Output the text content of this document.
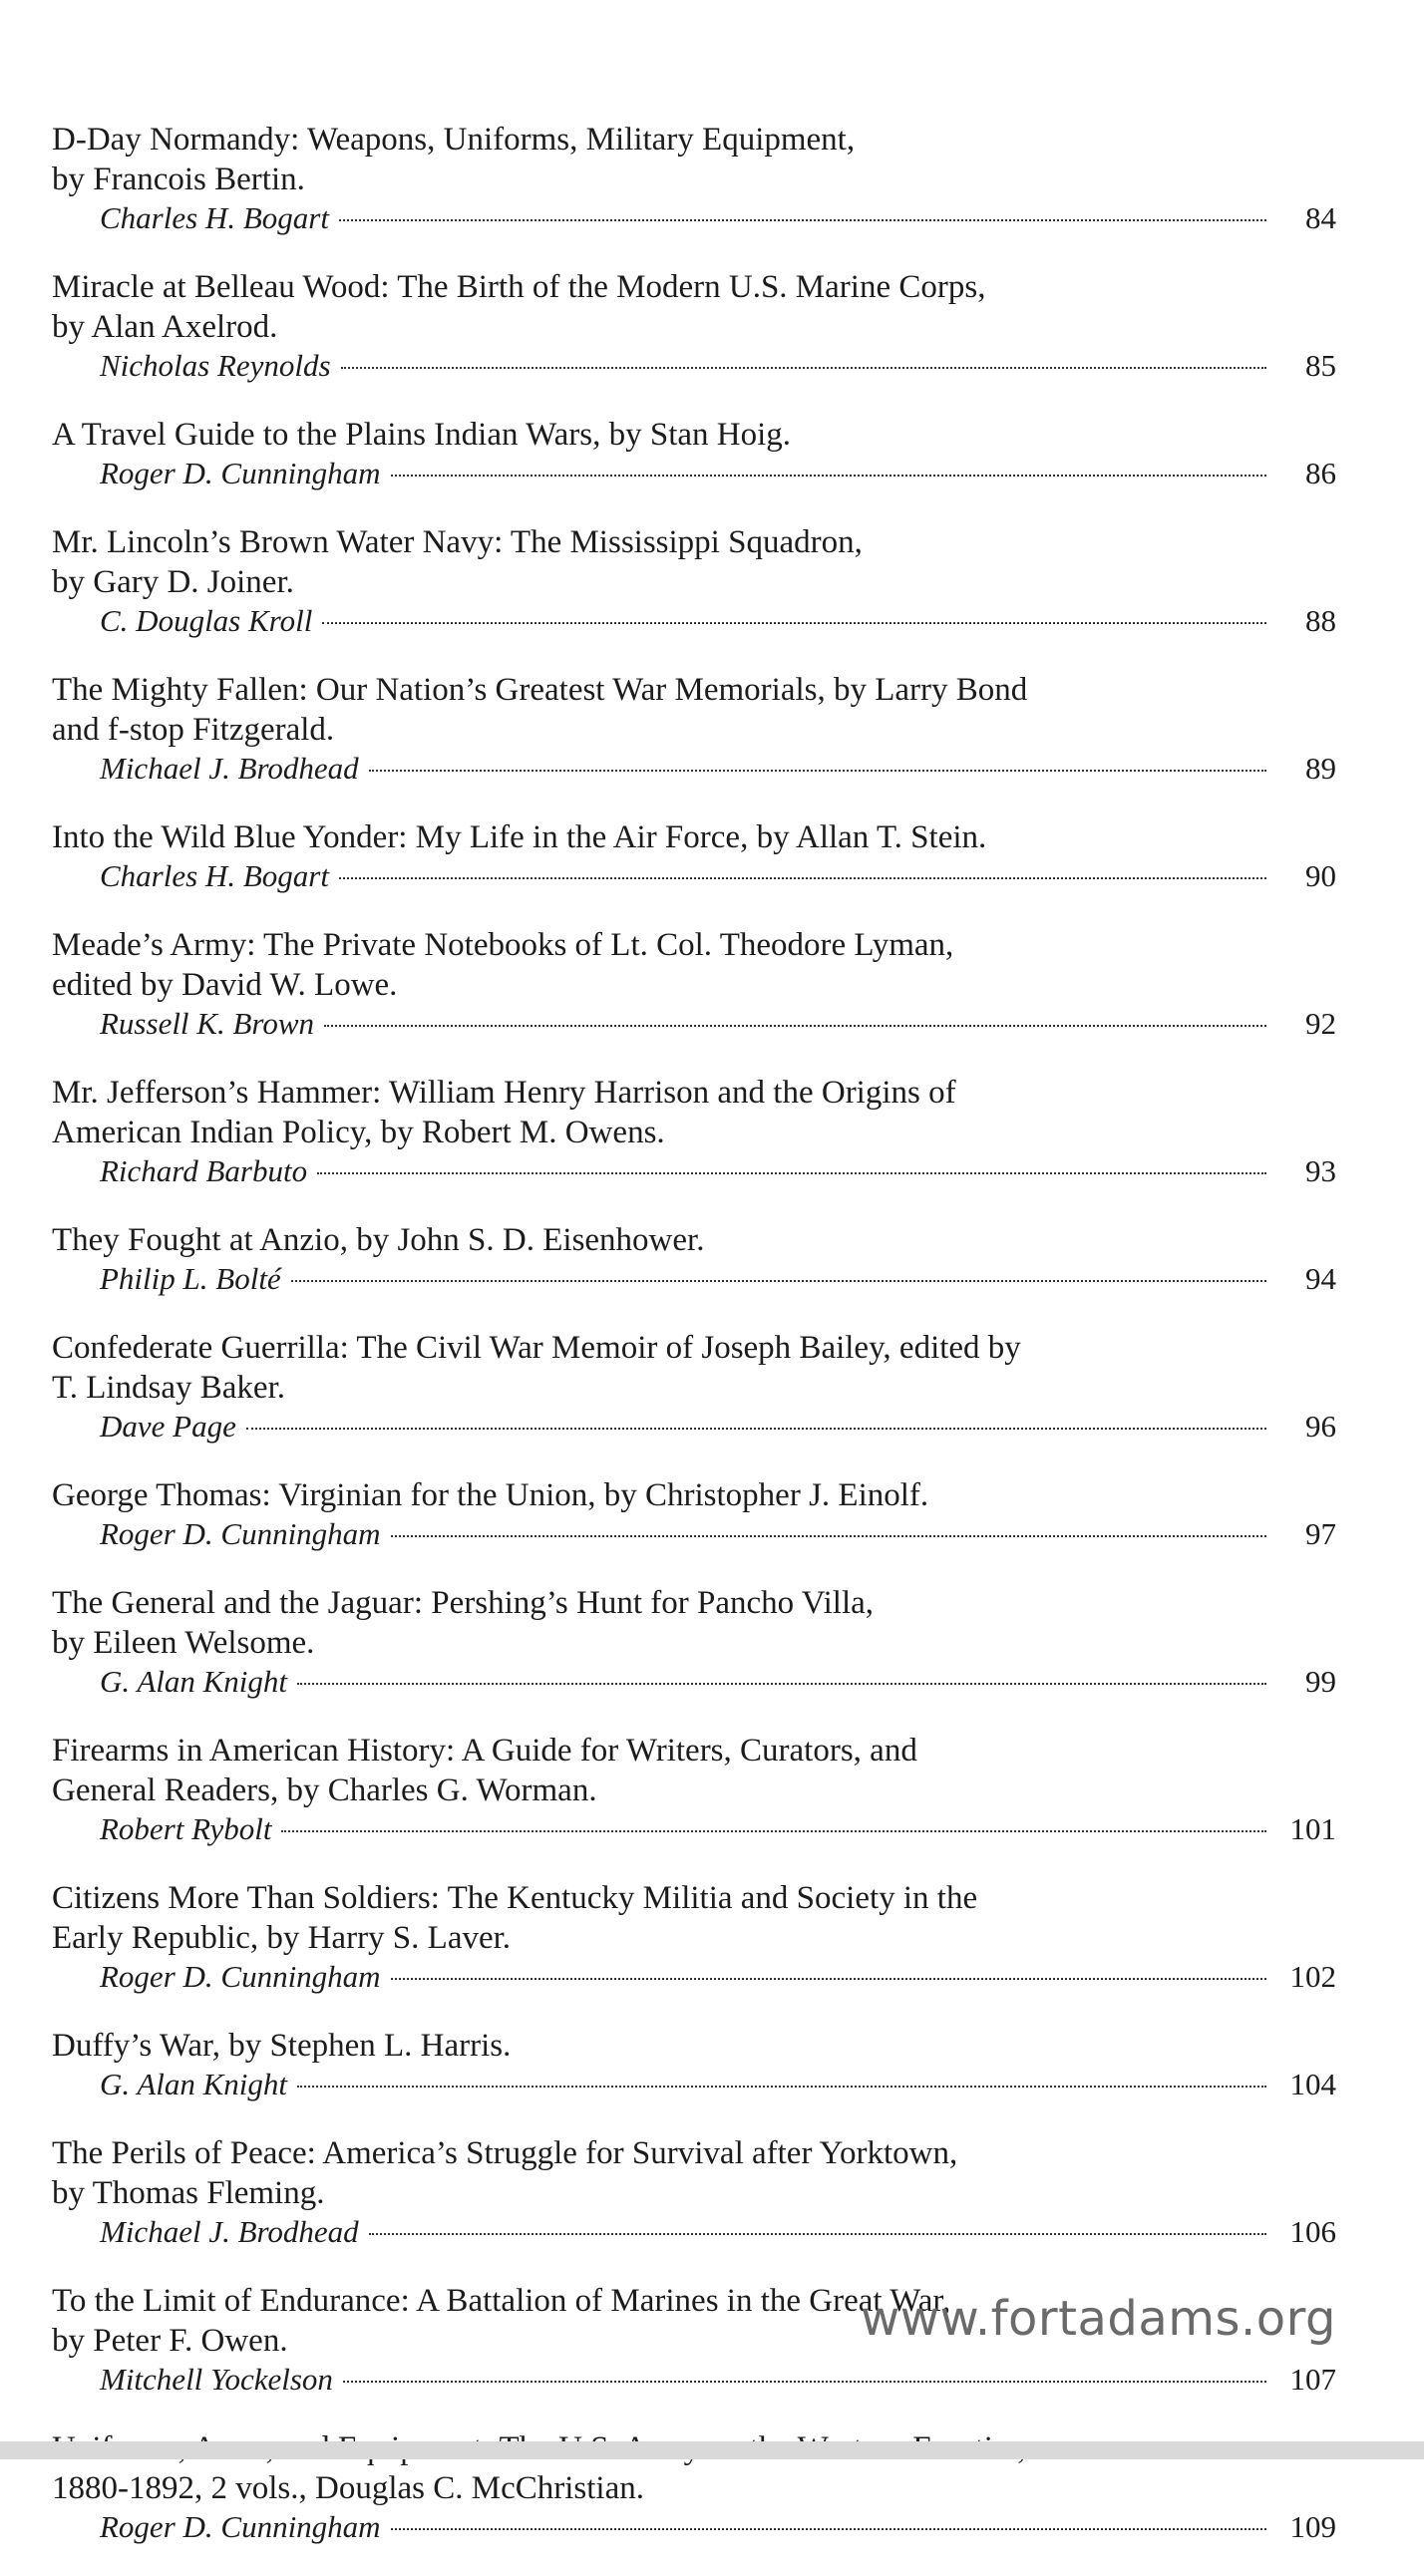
D-Day Normandy: Weapons, Uniforms, Military Equipment,
by Francois Bertin.
Charles H. Bogart	84
Miracle at Belleau Wood: The Birth of the Modern U.S. Marine Corps,
by Alan Axelrod.
Nicholas Reynolds	85
A Travel Guide to the Plains Indian Wars, by Stan Hoig.
Roger D. Cunningham	86
Mr. Lincoln’s Brown Water Navy: The Mississippi Squadron,
by Gary D. Joiner.
C. Douglas Kroll	88
The Mighty Fallen: Our Nation’s Greatest War Memorials, by Larry Bond
and f-stop Fitzgerald.
Michael J. Brodhead	89
Into the Wild Blue Yonder: My Life in the Air Force, by Allan T. Stein.
Charles H. Bogart	90
Meade’s Army: The Private Notebooks of Lt. Col. Theodore Lyman,
edited by David W. Lowe.
Russell K. Brown	92
Mr. Jefferson’s Hammer: William Henry Harrison and the Origins of
American Indian Policy, by Robert M. Owens.
Richard Barbuto	93
They Fought at Anzio, by John S. D. Eisenhower.
Philip L. Bolté	94
Confederate Guerrilla: The Civil War Memoir of Joseph Bailey, edited by
T. Lindsay Baker.
Dave Page	96
George Thomas: Virginian for the Union, by Christopher J. Einolf.
Roger D. Cunningham	97
The General and the Jaguar: Pershing’s Hunt for Pancho Villa,
by Eileen Welsome.
G. Alan Knight	99
Firearms in American History: A Guide for Writers, Curators, and
General Readers, by Charles G. Worman.
Robert Rybolt	101
Citizens More Than Soldiers: The Kentucky Militia and Society in the
Early Republic, by Harry S. Laver.
Roger D. Cunningham	102
Duffy’s War, by Stephen L. Harris.
G. Alan Knight	104
The Perils of Peace: America’s Struggle for Survival after Yorktown,
by Thomas Fleming.
Michael J. Brodhead	106
To the Limit of Endurance: A Battalion of Marines in the Great War,
by Peter F. Owen.
Mitchell Yockelson	107
1880-1892, 2 vols., Douglas C. McChristian.
Roger D. Cunningham	109
www.fortadams.org
